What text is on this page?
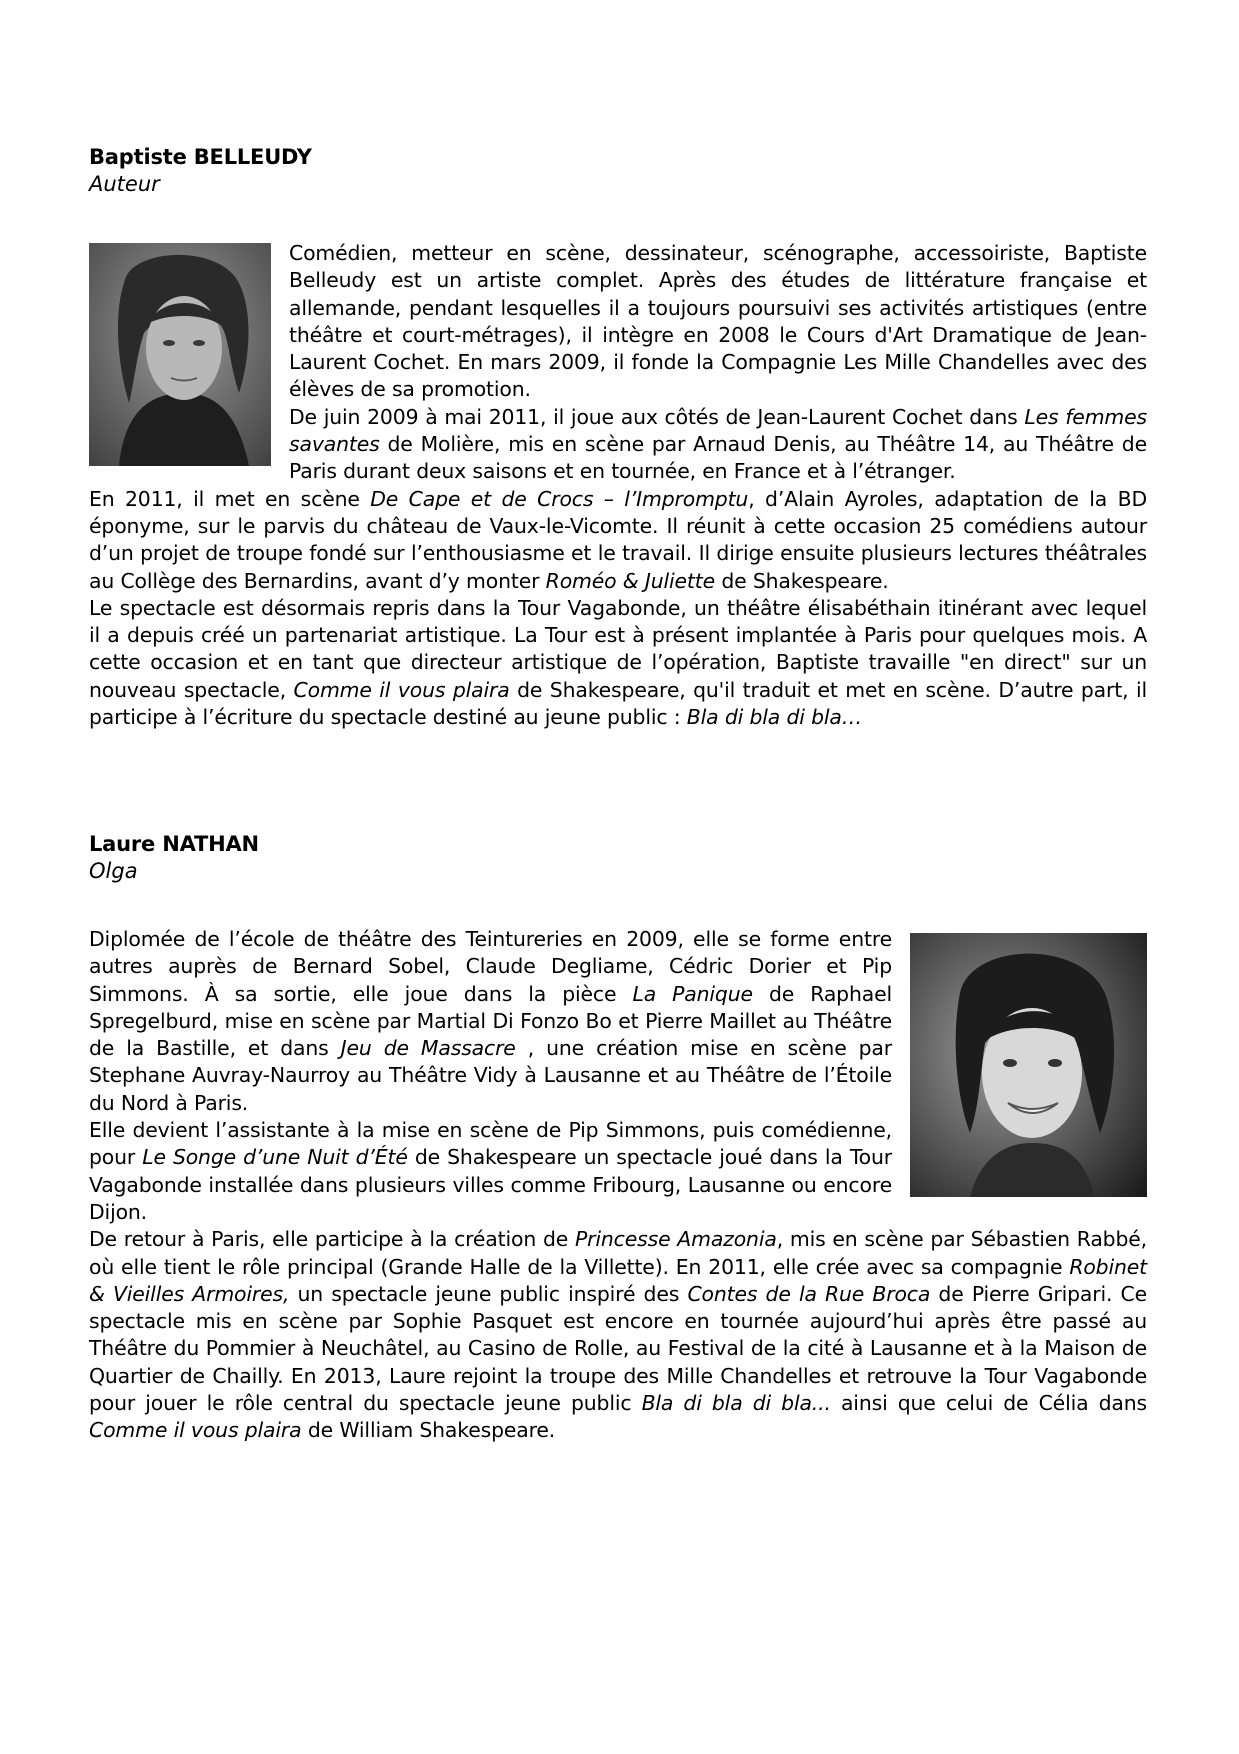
Baptiste BELLEUDY

Auteur

Comédien, metteur en scène, dessinateur, scénographe, accessoiriste, Baptiste Belleudy est un artiste complet. Après des études de littérature française et allemande, pendant lesquelles il a toujours poursuivi ses activités artistiques (entre théâtre et court-métrages), il intègre en 2008 le Cours d'Art Dramatique de Jean-Laurent Cochet. En mars 2009, il fonde la Compagnie Les Mille Chandelles avec des élèves de sa promotion.

De juin 2009 à mai 2011, il joue aux côtés de Jean-Laurent Cochet dans Les femmes savantes de Molière, mis en scène par Arnaud Denis, au Théâtre 14, au Théâtre de Paris durant deux saisons et en tournée, en France et à l’étranger.

En 2011, il met en scène De Cape et de Crocs – l’Impromptu, d’Alain Ayroles, adaptation de la BD éponyme, sur le parvis du château de Vaux-le-Vicomte. Il réunit à cette occasion 25 comédiens autour d’un projet de troupe fondé sur l’enthousiasme et le travail. Il dirige ensuite plusieurs lectures théâtrales au Collège des Bernardins, avant d’y monter Roméo & Juliette de Shakespeare.

Le spectacle est désormais repris dans la Tour Vagabonde, un théâtre élisabéthain itinérant avec lequel il a depuis créé un partenariat artistique. La Tour est à présent implantée à Paris pour quelques mois. A cette occasion et en tant que directeur artistique de l’opération, Baptiste travaille "en direct" sur un nouveau spectacle, Comme il vous plaira de Shakespeare, qu'il traduit et met en scène. D’autre part, il participe à l’écriture du spectacle destiné au jeune public : Bla di bla di bla…

Laure NATHAN

Olga

Diplomée de l’école de théâtre des Teintureries en 2009, elle se forme entre autres auprès de Bernard Sobel, Claude Degliame, Cédric Dorier et Pip Simmons. À sa sortie, elle joue dans la pièce La Panique de Raphael Spregelburd, mise en scène par Martial Di Fonzo Bo et Pierre Maillet au Théâtre de la Bastille, et dans Jeu de Massacre , une création mise en scène par Stephane Auvray-Naurroy au Théâtre Vidy à Lausanne et au Théâtre de l’Étoile du Nord à Paris.

Elle devient l’assistante à la mise en scène de Pip Simmons, puis comédienne, pour Le Songe d’une Nuit d’Été de Shakespeare un spectacle joué dans la Tour Vagabonde installée dans plusieurs villes comme Fribourg, Lausanne ou encore Dijon.

De retour à Paris, elle participe à la création de Princesse Amazonia, mis en scène par Sébastien Rabbé, où elle tient le rôle principal (Grande Halle de la Villette). En 2011, elle crée avec sa compagnie Robinet & Vieilles Armoires, un spectacle jeune public inspiré des Contes de la Rue Broca de Pierre Gripari. Ce spectacle mis en scène par Sophie Pasquet est encore en tournée aujourd’hui après être passé au Théâtre du Pommier à Neuchâtel, au Casino de Rolle, au Festival de la cité à Lausanne et à la Maison de Quartier de Chailly. En 2013, Laure rejoint la troupe des Mille Chandelles et retrouve la Tour Vagabonde pour jouer le rôle central du spectacle jeune public Bla di bla di bla... ainsi que celui de Célia dans Comme il vous plaira de William Shakespeare.
